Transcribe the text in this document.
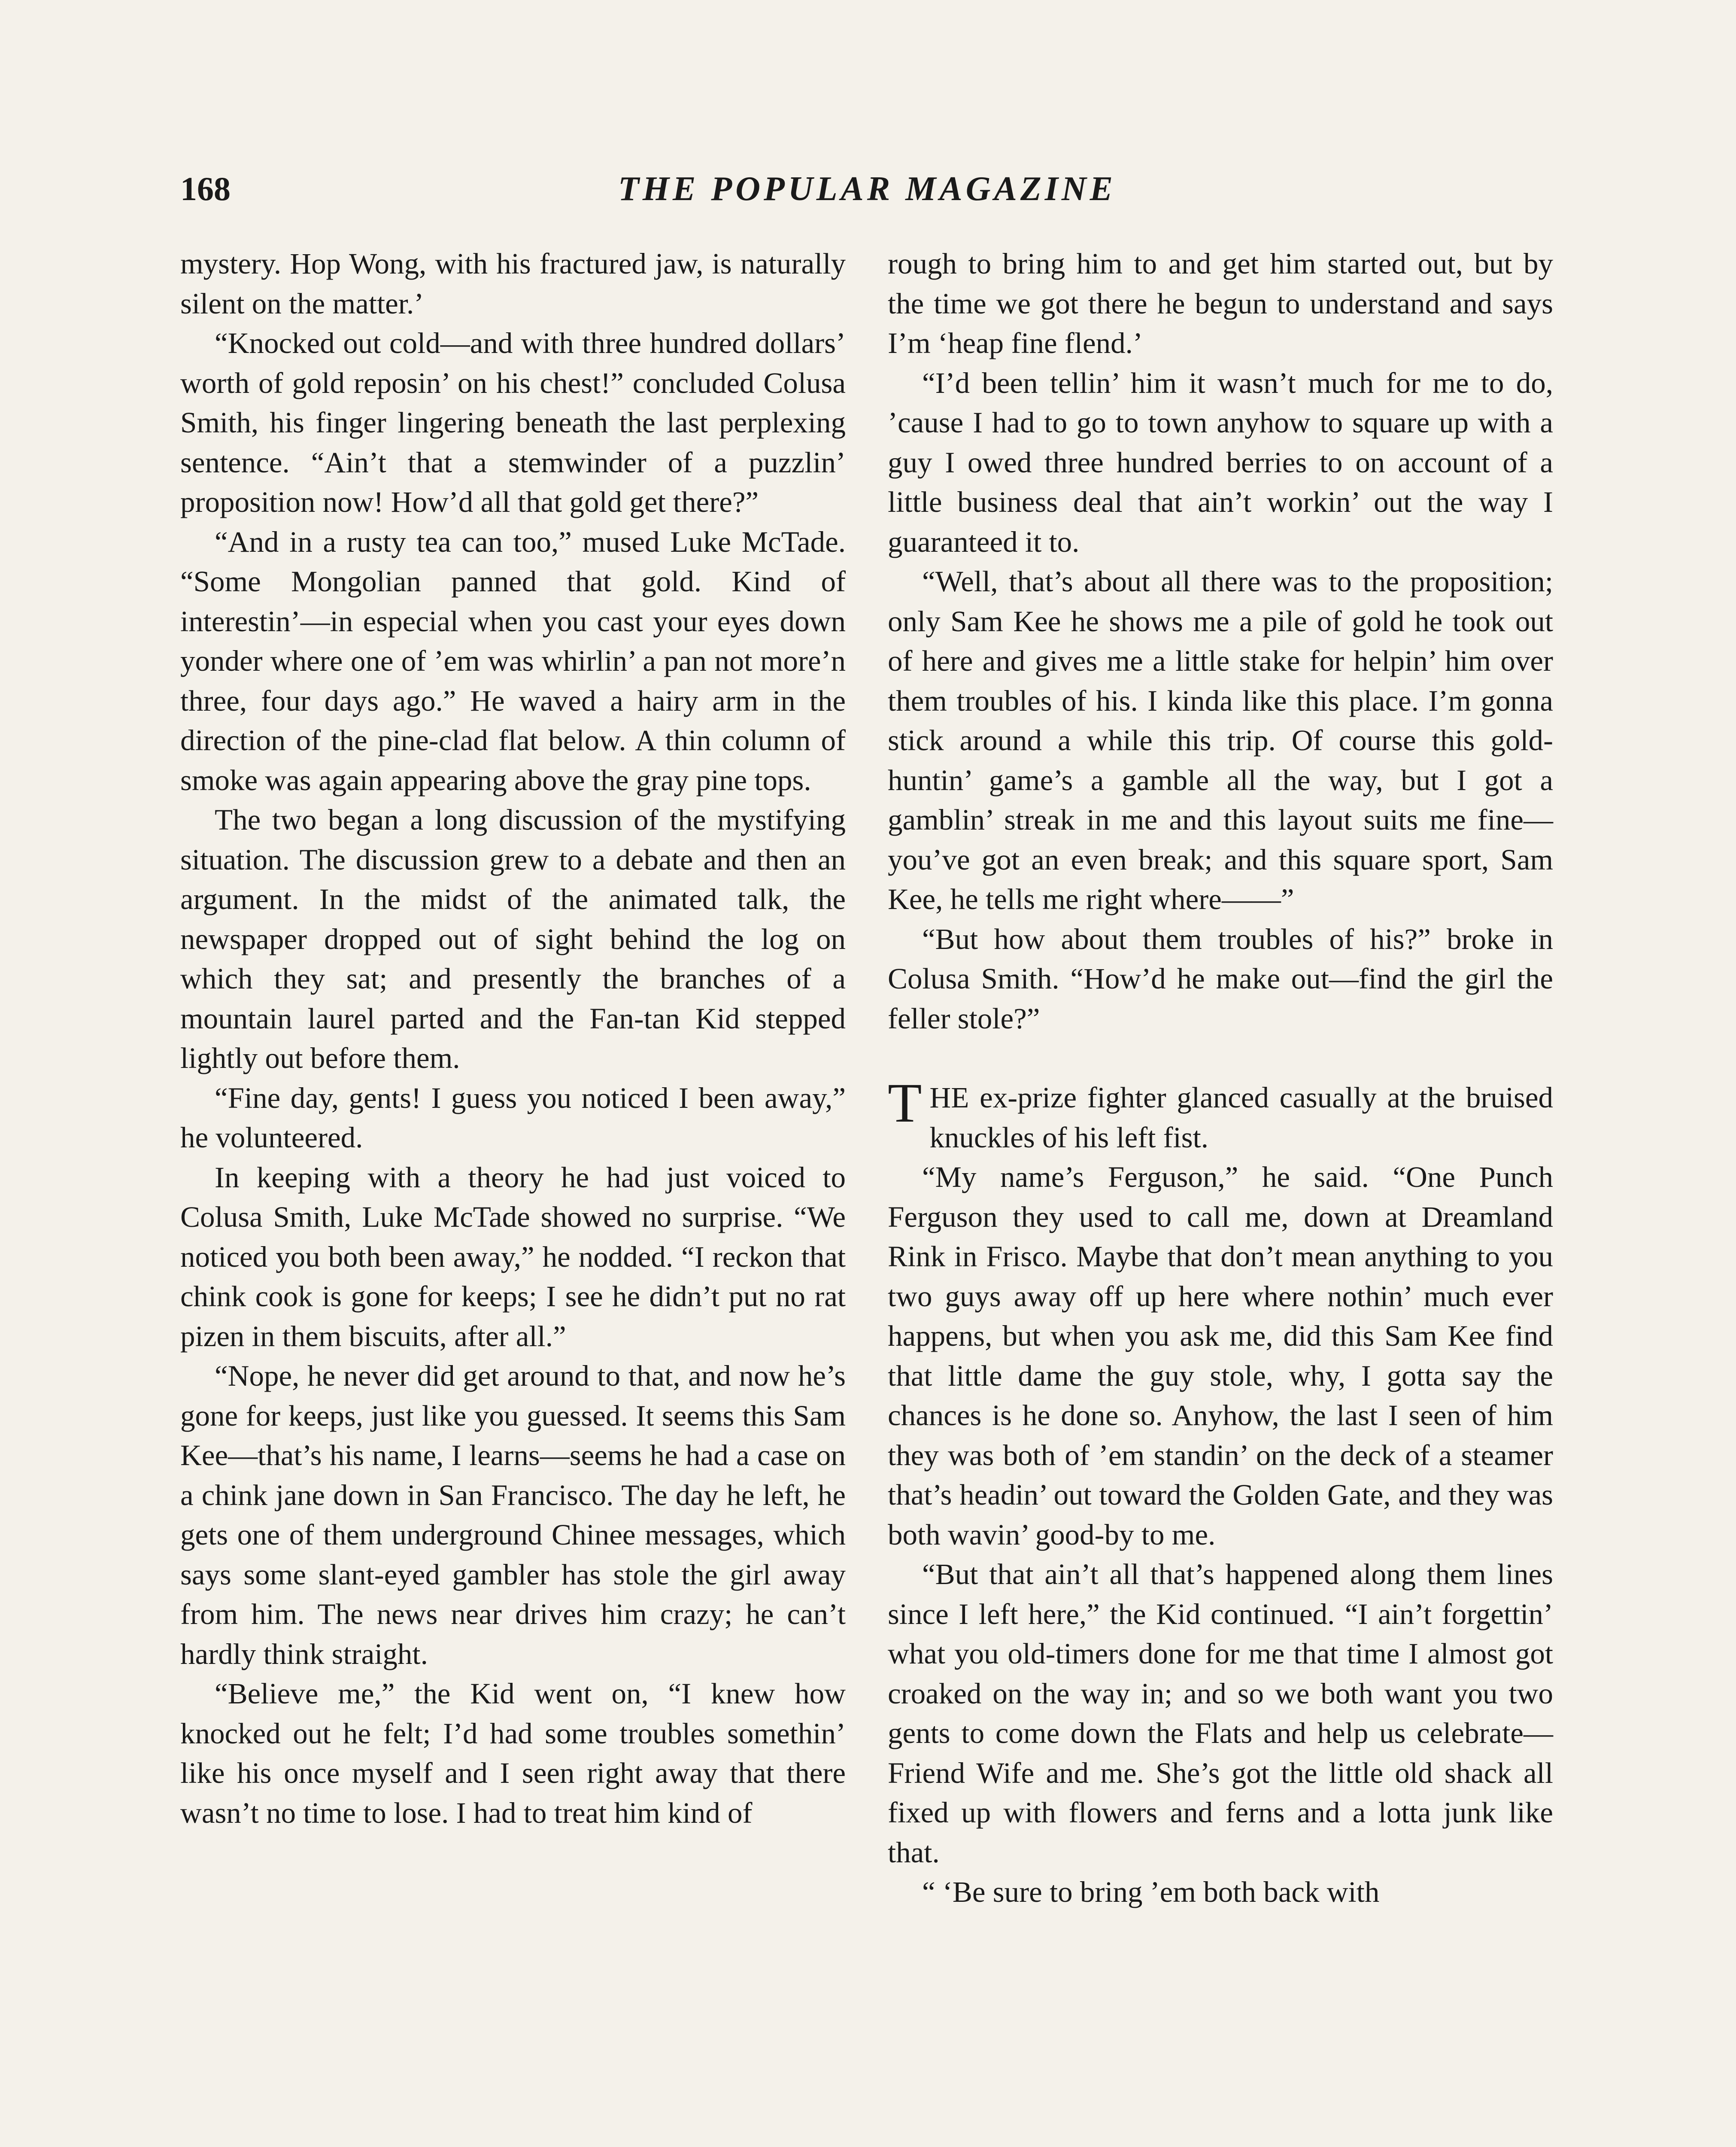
168	THE POPULAR MAGAZINE

mystery. Hop Wong, with his fractured jaw, is naturally silent on the matter.’

“Knocked out cold—and with three hundred dollars’ worth of gold reposin’ on his chest!” concluded Colusa Smith, his finger lingering beneath the last perplexing sentence. “Ain’t that a stemwinder of a puzzlin’ proposition now! How’d all that gold get there?”

“And in a rusty tea can too,” mused Luke McTade. “Some Mongolian panned that gold. Kind of interestin’—in especial when you cast your eyes down yonder where one of ’em was whirlin’ a pan not more’n three, four days ago.” He waved a hairy arm in the direction of the pine-clad flat below. A thin column of smoke was again appearing above the gray pine tops.

The two began a long discussion of the mystifying situation. The discussion grew to a debate and then an argument. In the midst of the animated talk, the newspaper dropped out of sight behind the log on which they sat; and presently the branches of a mountain laurel parted and the Fan-tan Kid stepped lightly out before them.

“Fine day, gents! I guess you noticed I been away,” he volunteered.

In keeping with a theory he had just voiced to Colusa Smith, Luke McTade showed no surprise. “We noticed you both been away,” he nodded. “I reckon that chink cook is gone for keeps; I see he didn’t put no rat pizen in them biscuits, after all.”

“Nope, he never did get around to that, and now he’s gone for keeps, just like you guessed. It seems this Sam Kee—that’s his name, I learns—seems he had a case on a chink jane down in San Francisco. The day he left, he gets one of them underground Chinee messages, which says some slant-eyed gambler has stole the girl away from him. The news near drives him crazy; he can’t hardly think straight.

“Believe me,” the Kid went on, “I knew how knocked out he felt; I’d had some troubles somethin’ like his once myself and I seen right away that there wasn’t no time to lose. I had to treat him kind of

rough to bring him to and get him started out, but by the time we got there he begun to understand and says I’m ‘heap fine flend.’

“I’d been tellin’ him it wasn’t much for me to do, ’cause I had to go to town anyhow to square up with a guy I owed three hundred berries to on account of a little business deal that ain’t workin’ out the way I guaranteed it to.

“Well, that’s about all there was to the proposition; only Sam Kee he shows me a pile of gold he took out of here and gives me a little stake for helpin’ him over them troubles of his. I kinda like this place. I’m gonna stick around a while this trip. Of course this gold-huntin’ game’s a gamble all the way, but I got a gamblin’ streak in me and this layout suits me fine—you’ve got an even break; and this square sport, Sam Kee, he tells me right where——”

“But how about them troubles of his?” broke in Colusa Smith. “How’d he make out—find the girl the feller stole?”

THE ex-prize fighter glanced casually at the bruised knuckles of his left fist.

“My name’s Ferguson,” he said. “One Punch Ferguson they used to call me, down at Dreamland Rink in Frisco. Maybe that don’t mean anything to you two guys away off up here where nothin’ much ever happens, but when you ask me, did this Sam Kee find that little dame the guy stole, why, I gotta say the chances is he done so. Anyhow, the last I seen of him they was both of ’em standin’ on the deck of a steamer that’s headin’ out toward the Golden Gate, and they was both wavin’ good-by to me.

“But that ain’t all that’s happened along them lines since I left here,” the Kid continued. “I ain’t forgettin’ what you old-timers done for me that time I almost got croaked on the way in; and so we both want you two gents to come down the Flats and help us celebrate—Friend Wife and me. She’s got the little old shack all fixed up with flowers and ferns and a lotta junk like that.

“ ‘Be sure to bring ’em both back with
